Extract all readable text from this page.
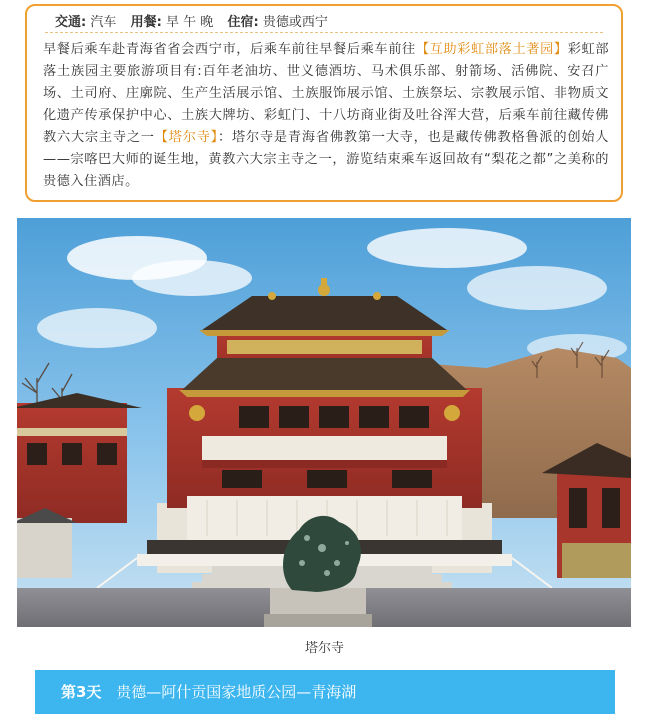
交通: 汽车 用餐: 早 午 晚 住宿: 贵德或西宁
早餐后乘车赴青海省省会西宁市，后乘车前往早餐后乘车前往【互助彩虹部落土著园】彩虹部落土族园主要旅游项目有:百年老油坊、世义德酒坊、马术俱乐部、射箭场、活佛院、安召广场、土司府、庄廓院、生产生活展示馆、土族服饰展示馆、土族祭坛、宗教展示馆、非物质文化遗产传承保护中心、土族大牌坊、彩虹门、十八坊商业街及吐谷浑大营，后乘车前往藏传佛教六大宗主寺之一【塔尔寺】：塔尔寺是青海省佛教第一大寺，也是藏传佛教格鲁派的创始人——宗喀巴大师的诞生地，黄教六大宗主寺之一，游览结束乘车返回故有“梨花之都”之美称的贵德入住酒店。
塔尔寺
第3天 贵德—阿什贡国家地质公园—青海湖
